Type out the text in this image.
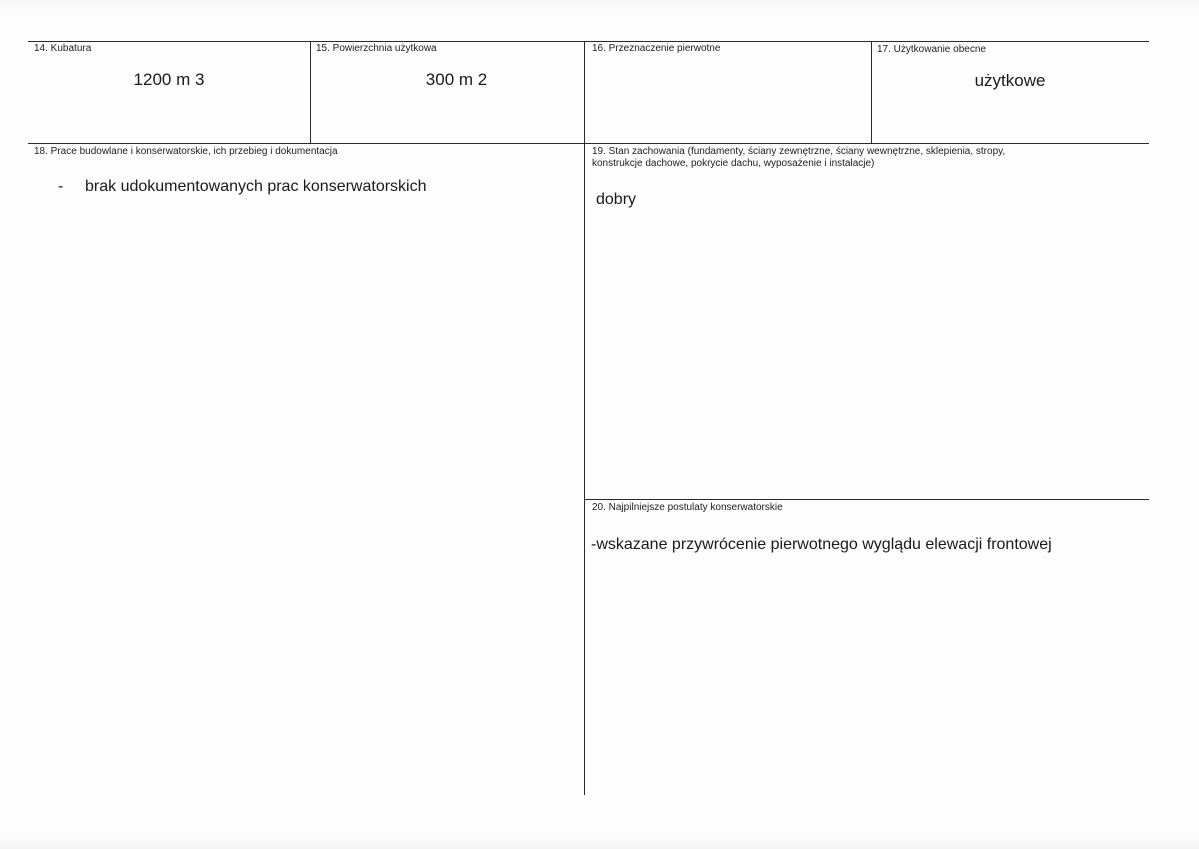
14. Kubatura
1200 m 3
15. Powierzchnia użytkowa
300 m 2
16. Przeznaczenie pierwotne	17. Użytkowanie obecne
użytkowe
18. Prace budowlane i konserwatorskie, ich przebieg i dokumentacja
- brak udokumentowanych prac konserwatorskich
19. Stan zachowania (fundamenty, ściany zewnętrzne, ściany wewnętrzne, sklepienia, stropy,
konstrukcje dachowe, pokrycie dachu, wyposażenie i instalacje)
dobry
20. Najpilniejsze postulaty konserwatorskie
-wskazane przywrócenie pierwotnego wyglądu elewacji frontowej
